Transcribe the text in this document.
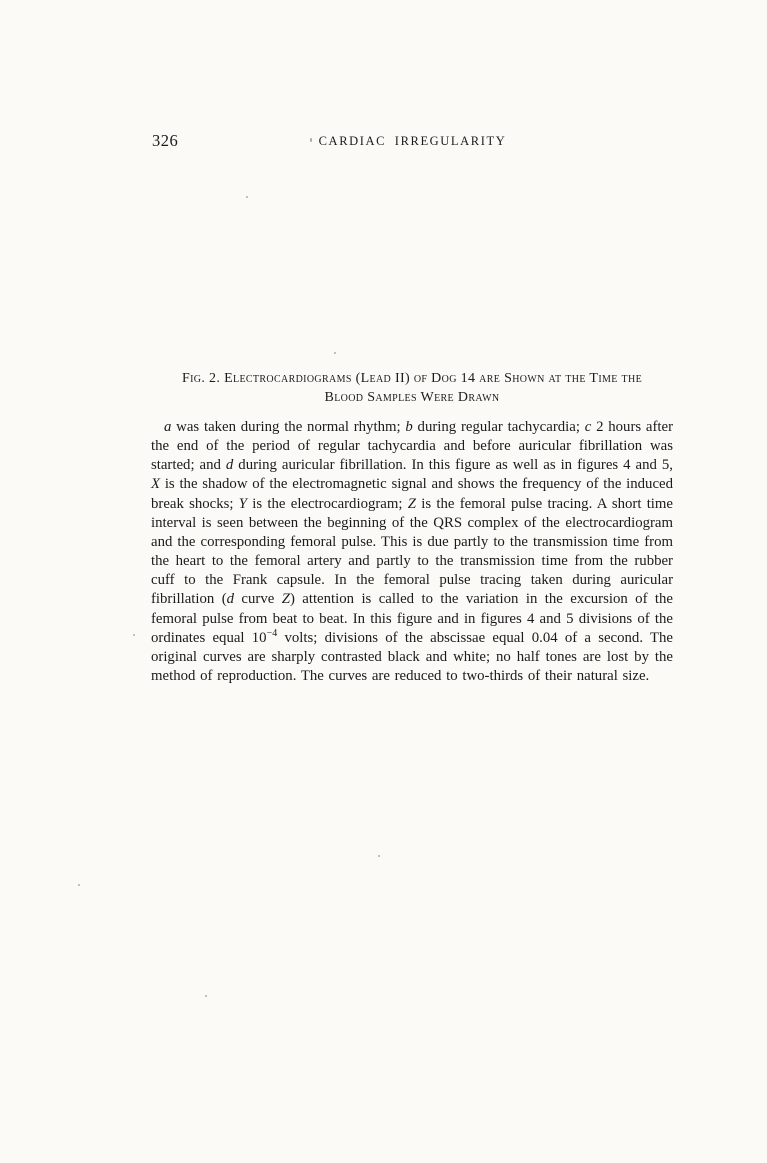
326	CARDIAC IRREGULARITY
Fig. 2. Electrocardiograms (Lead II) of Dog 14 are Shown at the Time the
Blood Samples Were Drawn

a was taken during the normal rhythm; b during regular tachycardia; c 2 hours after the end of the period of regular tachycardia and before auricular fibrillation was started; and d during auricular fibrillation. In this figure as well as in figures 4 and 5, X is the shadow of the electromagnetic signal and shows the frequency of the induced break shocks; Y is the electrocardiogram; Z is the femoral pulse tracing. A short time interval is seen between the beginning of the QRS complex of the electrocardiogram and the corresponding femoral pulse. This is due partly to the transmission time from the heart to the femoral artery and partly to the transmission time from the rubber cuff to the Frank capsule. In the femoral pulse tracing taken during auricular fibrillation (d curve Z) attention is called to the variation in the excursion of the femoral pulse from beat to beat. In this figure and in figures 4 and 5 divisions of the ordinates equal $10^{-4}$ volts; divisions of the abscissae equal 0.04 of a second. The original curves are sharply contrasted black and white; no half tones are lost by the method of reproduction. The curves are reduced to two-thirds of their natural size.
